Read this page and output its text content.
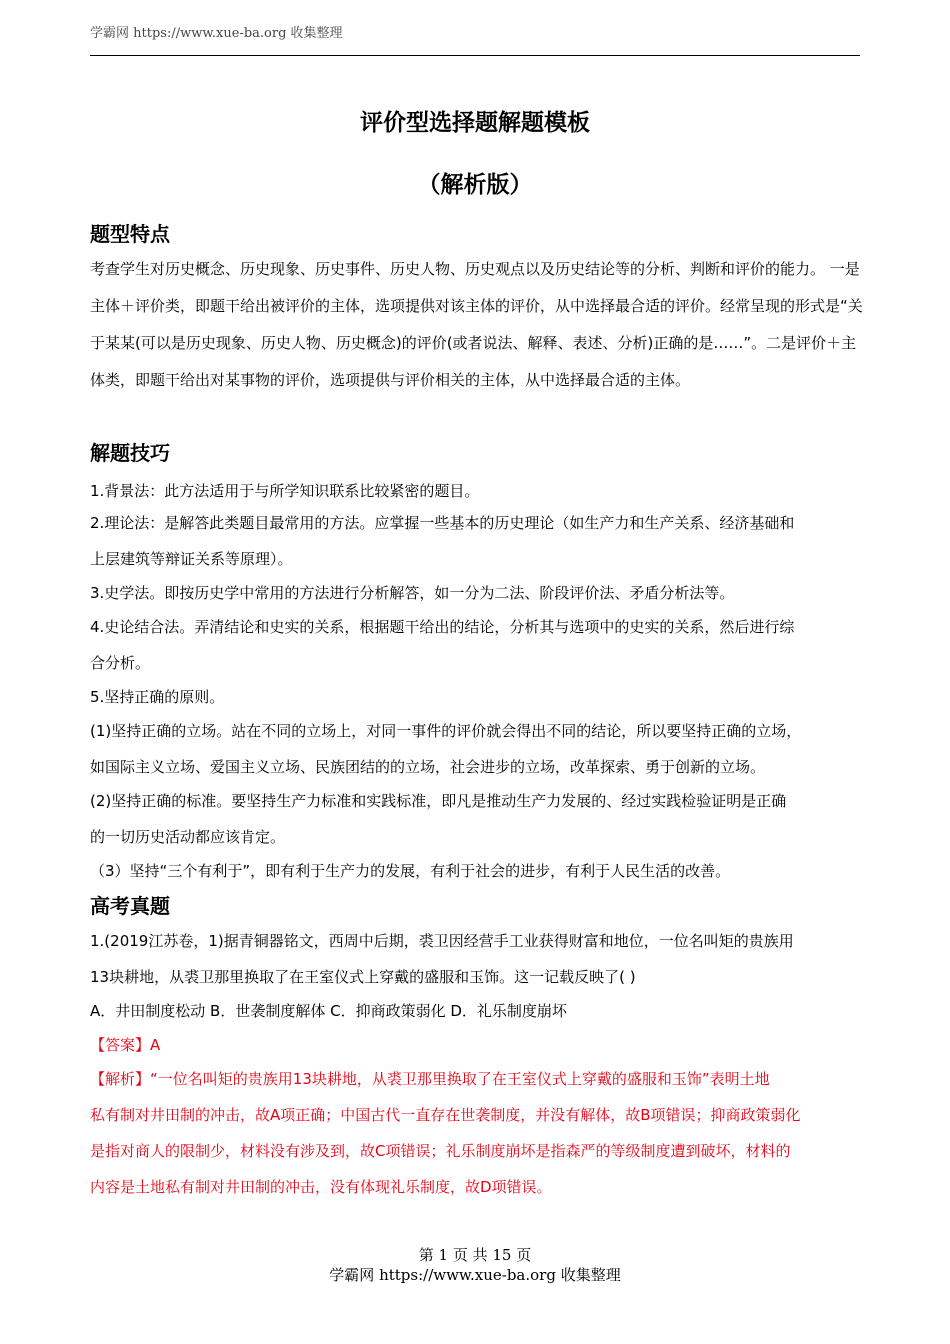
学霸网 https://www.xue-ba.org 收集整理
评价型选择题解题模板
（解析版）
题型特点
考查学生对历史概念、历史现象、历史事件、历史人物、历史观点以及历史结论等的分析、判断和评价的能力。 一是主体＋评价类，即题干给出被评价的主体，选项提供对该主体的评价，从中选择最合适的评价。经常呈现的形式是“关于某某(可以是历史现象、历史人物、历史概念)的评价(或者说法、解释、表述、分析)正确的是……”。二是评价＋主体类，即题干给出对某事物的评价，选项提供与评价相关的主体，从中选择最合适的主体。
解题技巧
1.背景法：此方法适用于与所学知识联系比较紧密的题目。
2.理论法：是解答此类题目最常用的方法。应掌握一些基本的历史理论（如生产力和生产关系、经济基础和
上层建筑等辩证关系等原理）。
3.史学法。即按历史学中常用的方法进行分析解答，如一分为二法、阶段评价法、矛盾分析法等。
4.史论结合法。弄清结论和史实的关系，根据题干给出的结论，分析其与选项中的史实的关系，然后进行综
合分析。
5.坚持正确的原则。
(1)坚持正确的立场。站在不同的立场上，对同一事件的评价就会得出不同的结论，所以要坚持正确的立场，
如国际主义立场、爱国主义立场、民族团结的的立场，社会进步的立场，改革探索、勇于创新的立场。
(2)坚持正确的标准。要坚持生产力标准和实践标准，即凡是推动生产力发展的、经过实践检验证明是正确
的一切历史活动都应该肯定。
（3）坚持“三个有利于”，即有利于生产力的发展，有利于社会的进步，有利于人民生活的改善。
高考真题
1.(2019江苏卷，1)据青铜器铭文，西周中后期，裘卫因经营手工业获得财富和地位，一位名叫矩的贵族用
13块耕地，从裘卫那里换取了在王室仪式上穿戴的盛服和玉饰。这一记载反映了( )
A．井田制度松动 B．世袭制度解体 C．抑商政策弱化 D．礼乐制度崩坏
【答案】A
【解析】“一位名叫矩的贵族用13块耕地，从裘卫那里换取了在王室仪式上穿戴的盛服和玉饰”表明土地
私有制对井田制的冲击，故A项正确；中国古代一直存在世袭制度，并没有解体，故B项错误；抑商政策弱化
是指对商人的限制少，材料没有涉及到，故C项错误；礼乐制度崩坏是指森严的等级制度遭到破坏，材料的
内容是土地私有制对井田制的冲击，没有体现礼乐制度，故D项错误。
第 1 页 共 15 页
学霸网 https://www.xue-ba.org 收集整理
